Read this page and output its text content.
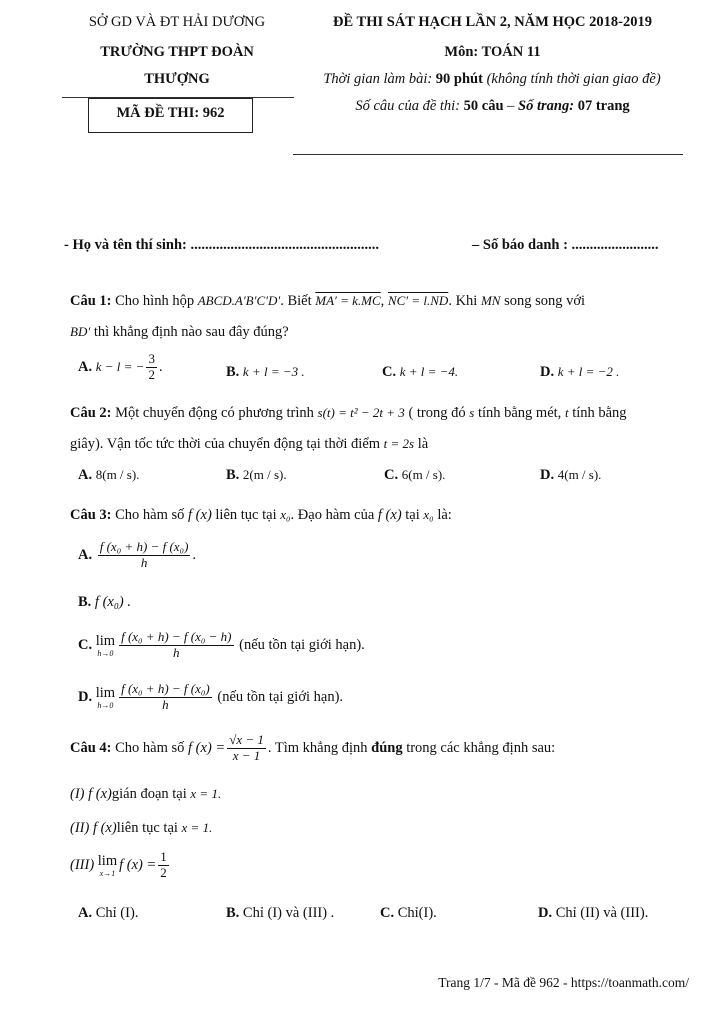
SỞ GD VÀ ĐT HẢI DƯƠNG
TRƯỜNG THPT ĐOÀN
THƯỢNG
MÃ ĐỀ THI: 962
ĐỀ THI SÁT HẠCH LẦN 2, NĂM HỌC 2018-2019
Môn: TOÁN 11
Thời gian làm bài: 90 phút (không tính thời gian giao đề)
Số câu của đề thi: 50 câu – Số trang: 07 trang
- Họ và tên thí sinh: ....................................................	– Số báo danh : ........................
Câu 1: Cho hình hộp ABCD.A′B′C′D′. Biết MA′ = k.MC, NC′ = l.ND. Khi MN song song với
BD′ thì khẳng định nào sau đây đúng?
A. k − l = − $\frac{3}{2}$ .	B. k + l = −3 .	C. k + l = −4.	D. k + l = −2 .
Câu 2: Một chuyển động có phương trình s(t) = t² − 2t + 3 ( trong đó s tính bằng mét, t tính bằng
giây). Vận tốc tức thời của chuyển động tại thời điểm t = 2s là
A. 8(m / s).	B. 2(m / s).	C. 6(m / s).	D. 4(m / s).
Câu 3: Cho hàm số f (x) liên tục tại x₀. Đạo hàm của f (x) tại x₀ là:
A. $\frac{\text{f (x₀ + h) − f (x₀)}}{h}$ .
B. f (x₀) .
C. lim
$h\to 0 \frac{\text{f (x₀ + h) − f (x₀ − h)}}{h}$ (nếu tồn tại giới hạn).
D. lim
$h\to 0 \frac{\text{f (x₀ + h) − f (x₀)}}{h}$ (nếu tồn tại giới hạn).
Câu 4: Cho hàm số f $(x) = \frac{√x - 1}{x - 1}$ . Tìm khẳng định đúng trong các khẳng định sau:
(I) f (x)gián đoạn tại x = 1.
(II) f (x)liên tục tại x = 1.
(III) lim
x→1
f $(x) = \frac{1}{2}$
A. Chỉ (I).	B. Chỉ (I) và (III) .	C. Chỉ(I).	D. Chỉ (II) và (III).
Trang 1/7 - Mã đề 962 - https://toanmath.com/
